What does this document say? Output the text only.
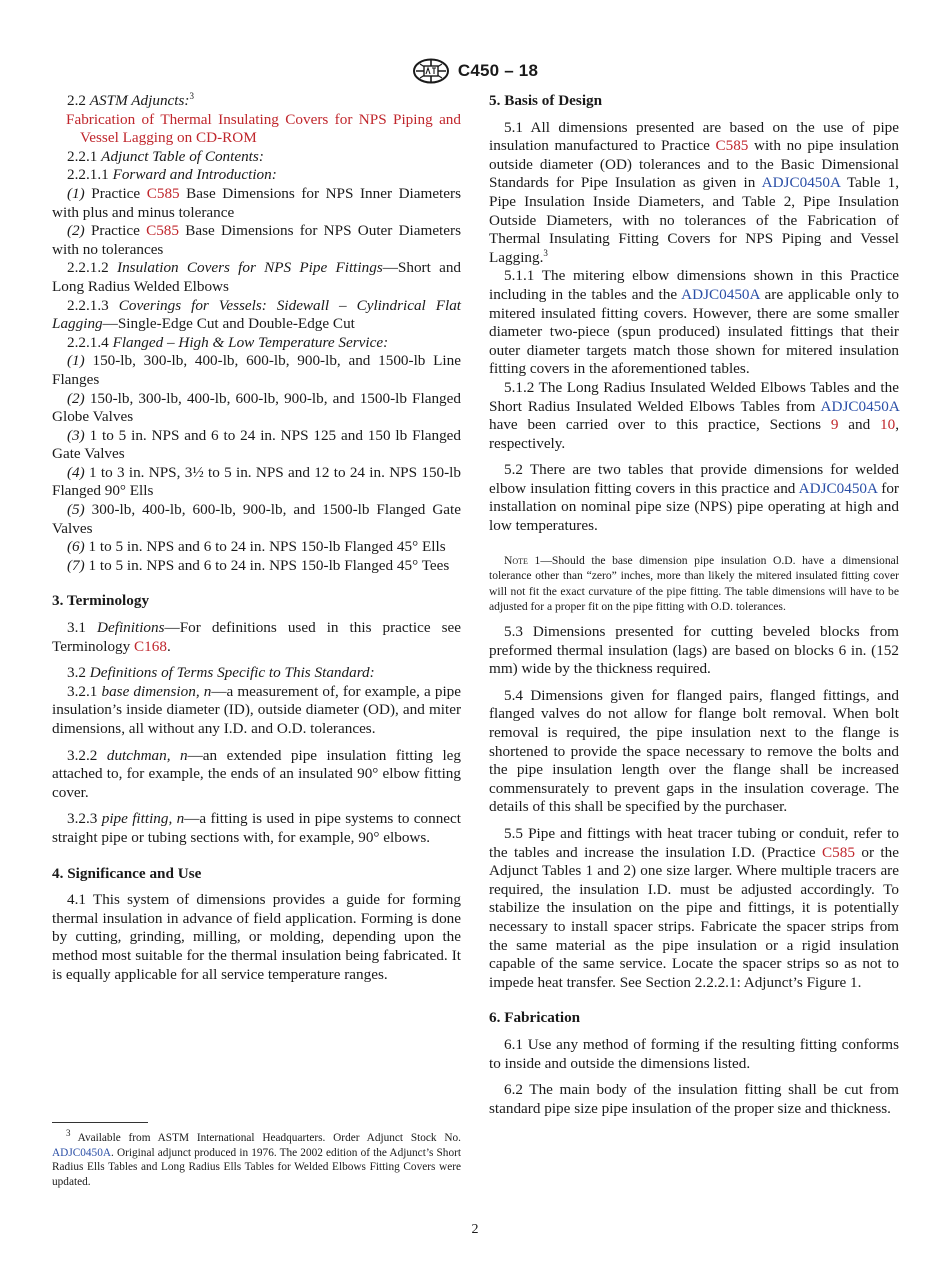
C450 – 18

2.2 ASTM Adjuncts:$^3$

Fabrication of Thermal Insulating Covers for NPS Piping and Vessel Lagging on CD-ROM

2.2.1 Adjunct Table of Contents:

2.2.1.1 Forward and Introduction:

(1) Practice C585 Base Dimensions for NPS Inner Diameters with plus and minus tolerance

(2) Practice C585 Base Dimensions for NPS Outer Diameters with no tolerances

2.2.1.2 Insulation Covers for NPS Pipe Fittings—Short and Long Radius Welded Elbows

2.2.1.3 Coverings for Vessels: Sidewall – Cylindrical Flat Lagging—Single-Edge Cut and Double-Edge Cut

2.2.1.4 Flanged – High & Low Temperature Service:

(1) 150-lb, 300-lb, 400-lb, 600-lb, 900-lb, and 1500-lb Line Flanges

(2) 150-lb, 300-lb, 400-lb, 600-lb, 900-lb, and 1500-lb Flanged Globe Valves

(3) 1 to 5 in. NPS and 6 to 24 in. NPS 125 and 150 lb Flanged Gate Valves

(4) 1 to 3 in. NPS, 3½ to 5 in. NPS and 12 to 24 in. NPS 150-lb Flanged 90° Ells

(5) 300-lb, 400-lb, 600-lb, 900-lb, and 1500-lb Flanged Gate Valves

(6) 1 to 5 in. NPS and 6 to 24 in. NPS 150-lb Flanged 45° Ells

(7) 1 to 5 in. NPS and 6 to 24 in. NPS 150-lb Flanged 45° Tees

3. Terminology

3.1 Definitions—For definitions used in this practice see Terminology C168.

3.2 Definitions of Terms Specific to This Standard:

3.2.1 base dimension, n—a measurement of, for example, a pipe insulation’s inside diameter (ID), outside diameter (OD), and miter dimensions, all without any I.D. and O.D. tolerances.

3.2.2 dutchman, n—an extended pipe insulation fitting leg attached to, for example, the ends of an insulated 90° elbow fitting cover.

3.2.3 pipe fitting, n—a fitting is used in pipe systems to connect straight pipe or tubing sections with, for example, 90° elbows.

4. Significance and Use

4.1 This system of dimensions provides a guide for forming thermal insulation in advance of field application. Forming is done by cutting, grinding, milling, or molding, depending upon the method most suitable for the thermal insulation being fabricated. It is equally applicable for all service temperature ranges.

$^3$ Available from ASTM International Headquarters. Order Adjunct Stock No. ADJC0450A. Original adjunct produced in 1976. The 2002 edition of the Adjunct’s Short Radius Ells Tables and Long Radius Ells Tables for Welded Elbows Fitting Covers were updated.

5. Basis of Design

5.1 All dimensions presented are based on the use of pipe insulation manufactured to Practice C585 with no pipe insulation outside diameter (OD) tolerances and to the Basic Dimensional Standards for Pipe Insulation as given in ADJC0450A Table 1, Pipe Insulation Inside Diameters, and Table 2, Pipe Insulation Outside Diameters, with no tolerances of the Fabrication of Thermal Insulating Fitting Covers for NPS Piping and Vessel Lagging.$^3$

5.1.1 The mitering elbow dimensions shown in this Practice including in the tables and the ADJC0450A are applicable only to mitered insulated fitting covers. However, there are some smaller diameter two-piece (spun produced) insulated fittings that their outer diameter targets match those shown for mitered insulation fitting covers in the aforementioned tables.

5.1.2 The Long Radius Insulated Welded Elbows Tables and the Short Radius Insulated Welded Elbows Tables from ADJC0450A have been carried over to this practice, Sections 9 and 10, respectively.

5.2 There are two tables that provide dimensions for welded elbow insulation fitting covers in this practice and ADJC0450A for installation on nominal pipe size (NPS) pipe operating at high and low temperatures.

Note 1—Should the base dimension pipe insulation O.D. have a dimensional tolerance other than “zero” inches, more than likely the mitered insulated fitting cover will not fit the exact curvature of the pipe fitting. The table dimensions will have to be adjusted for a proper fit on the pipe fitting with O.D. tolerances.

5.3 Dimensions presented for cutting beveled blocks from preformed thermal insulation (lags) are based on blocks 6 in. (152 mm) wide by the thickness required.

5.4 Dimensions given for flanged pairs, flanged fittings, and flanged valves do not allow for flange bolt removal. When bolt removal is required, the pipe insulation next to the flange is shortened to provide the space necessary to remove the bolts and the pipe insulation length over the flange shall be increased commensurately to prevent gaps in the insulation coverage. The details of this shall be specified by the purchaser.

5.5 Pipe and fittings with heat tracer tubing or conduit, refer to the tables and increase the insulation I.D. (Practice C585 or the Adjunct Tables 1 and 2) one size larger. Where multiple tracers are required, the insulation I.D. must be adjusted accordingly. To stabilize the insulation on the pipe and fittings, it is potentially necessary to install spacer strips. Fabricate the spacer strips from the same material as the pipe insulation or a rigid insulation capable of the same service. Locate the spacer strips so as not to impede heat transfer. See Section 2.2.2.1: Adjunct’s Figure 1.

6. Fabrication

6.1 Use any method of forming if the resulting fitting conforms to inside and outside the dimensions listed.

6.2 The main body of the insulation fitting shall be cut from standard pipe size pipe insulation of the proper size and thickness.

2
